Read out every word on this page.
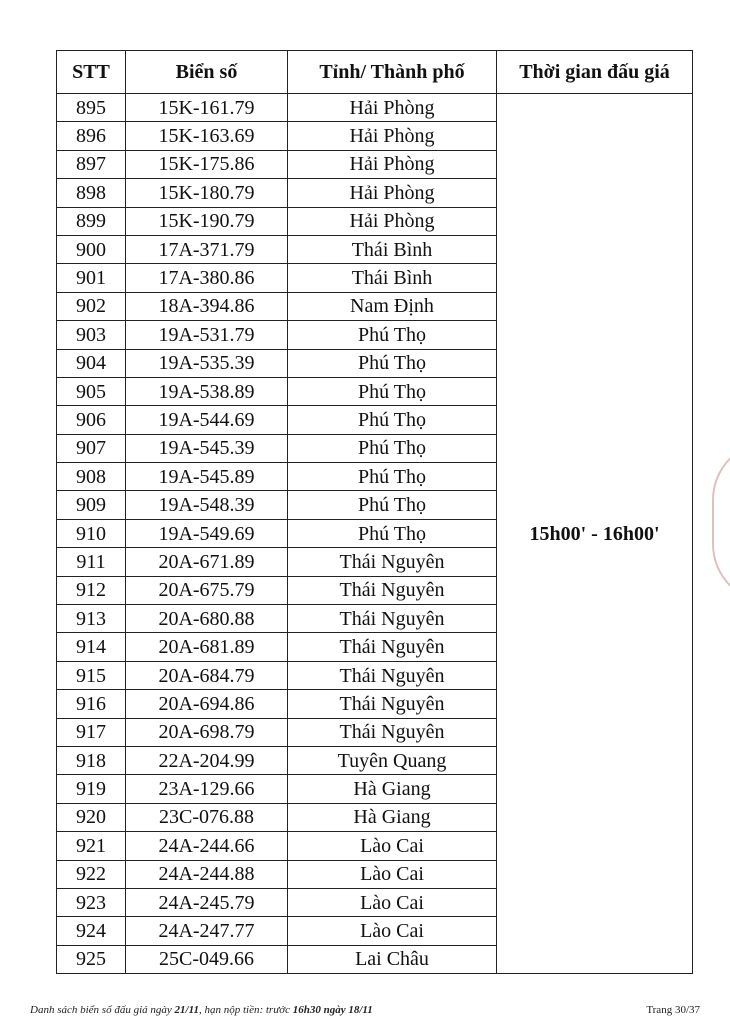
STT	Biển số	Tỉnh/ Thành phố	Thời gian đấu giá
895	15K-161.79	Hải Phòng	15h00' - 16h00'
896	15K-163.69	Hải Phòng	
897	15K-175.86	Hải Phòng	
898	15K-180.79	Hải Phòng	
899	15K-190.79	Hải Phòng	
900	17A-371.79	Thái Bình	
901	17A-380.86	Thái Bình	
902	18A-394.86	Nam Định	
903	19A-531.79	Phú Thọ	
904	19A-535.39	Phú Thọ	
905	19A-538.89	Phú Thọ	
906	19A-544.69	Phú Thọ	
907	19A-545.39	Phú Thọ	
908	19A-545.89	Phú Thọ	
909	19A-548.39	Phú Thọ	
910	19A-549.69	Phú Thọ	
911	20A-671.89	Thái Nguyên	
912	20A-675.79	Thái Nguyên	
913	20A-680.88	Thái Nguyên	
914	20A-681.89	Thái Nguyên	
915	20A-684.79	Thái Nguyên	
916	20A-694.86	Thái Nguyên	
917	20A-698.79	Thái Nguyên	
918	22A-204.99	Tuyên Quang	
919	23A-129.66	Hà Giang	
920	23C-076.88	Hà Giang	
921	24A-244.66	Lào Cai	
922	24A-244.88	Lào Cai	
923	24A-245.79	Lào Cai	
924	24A-247.77	Lào Cai	
925	25C-049.66	Lai Châu	
Danh sách biển số đấu giá ngày 21/11, hạn nộp tiền: trước 16h30 ngày 18/11	Trang 30/37
